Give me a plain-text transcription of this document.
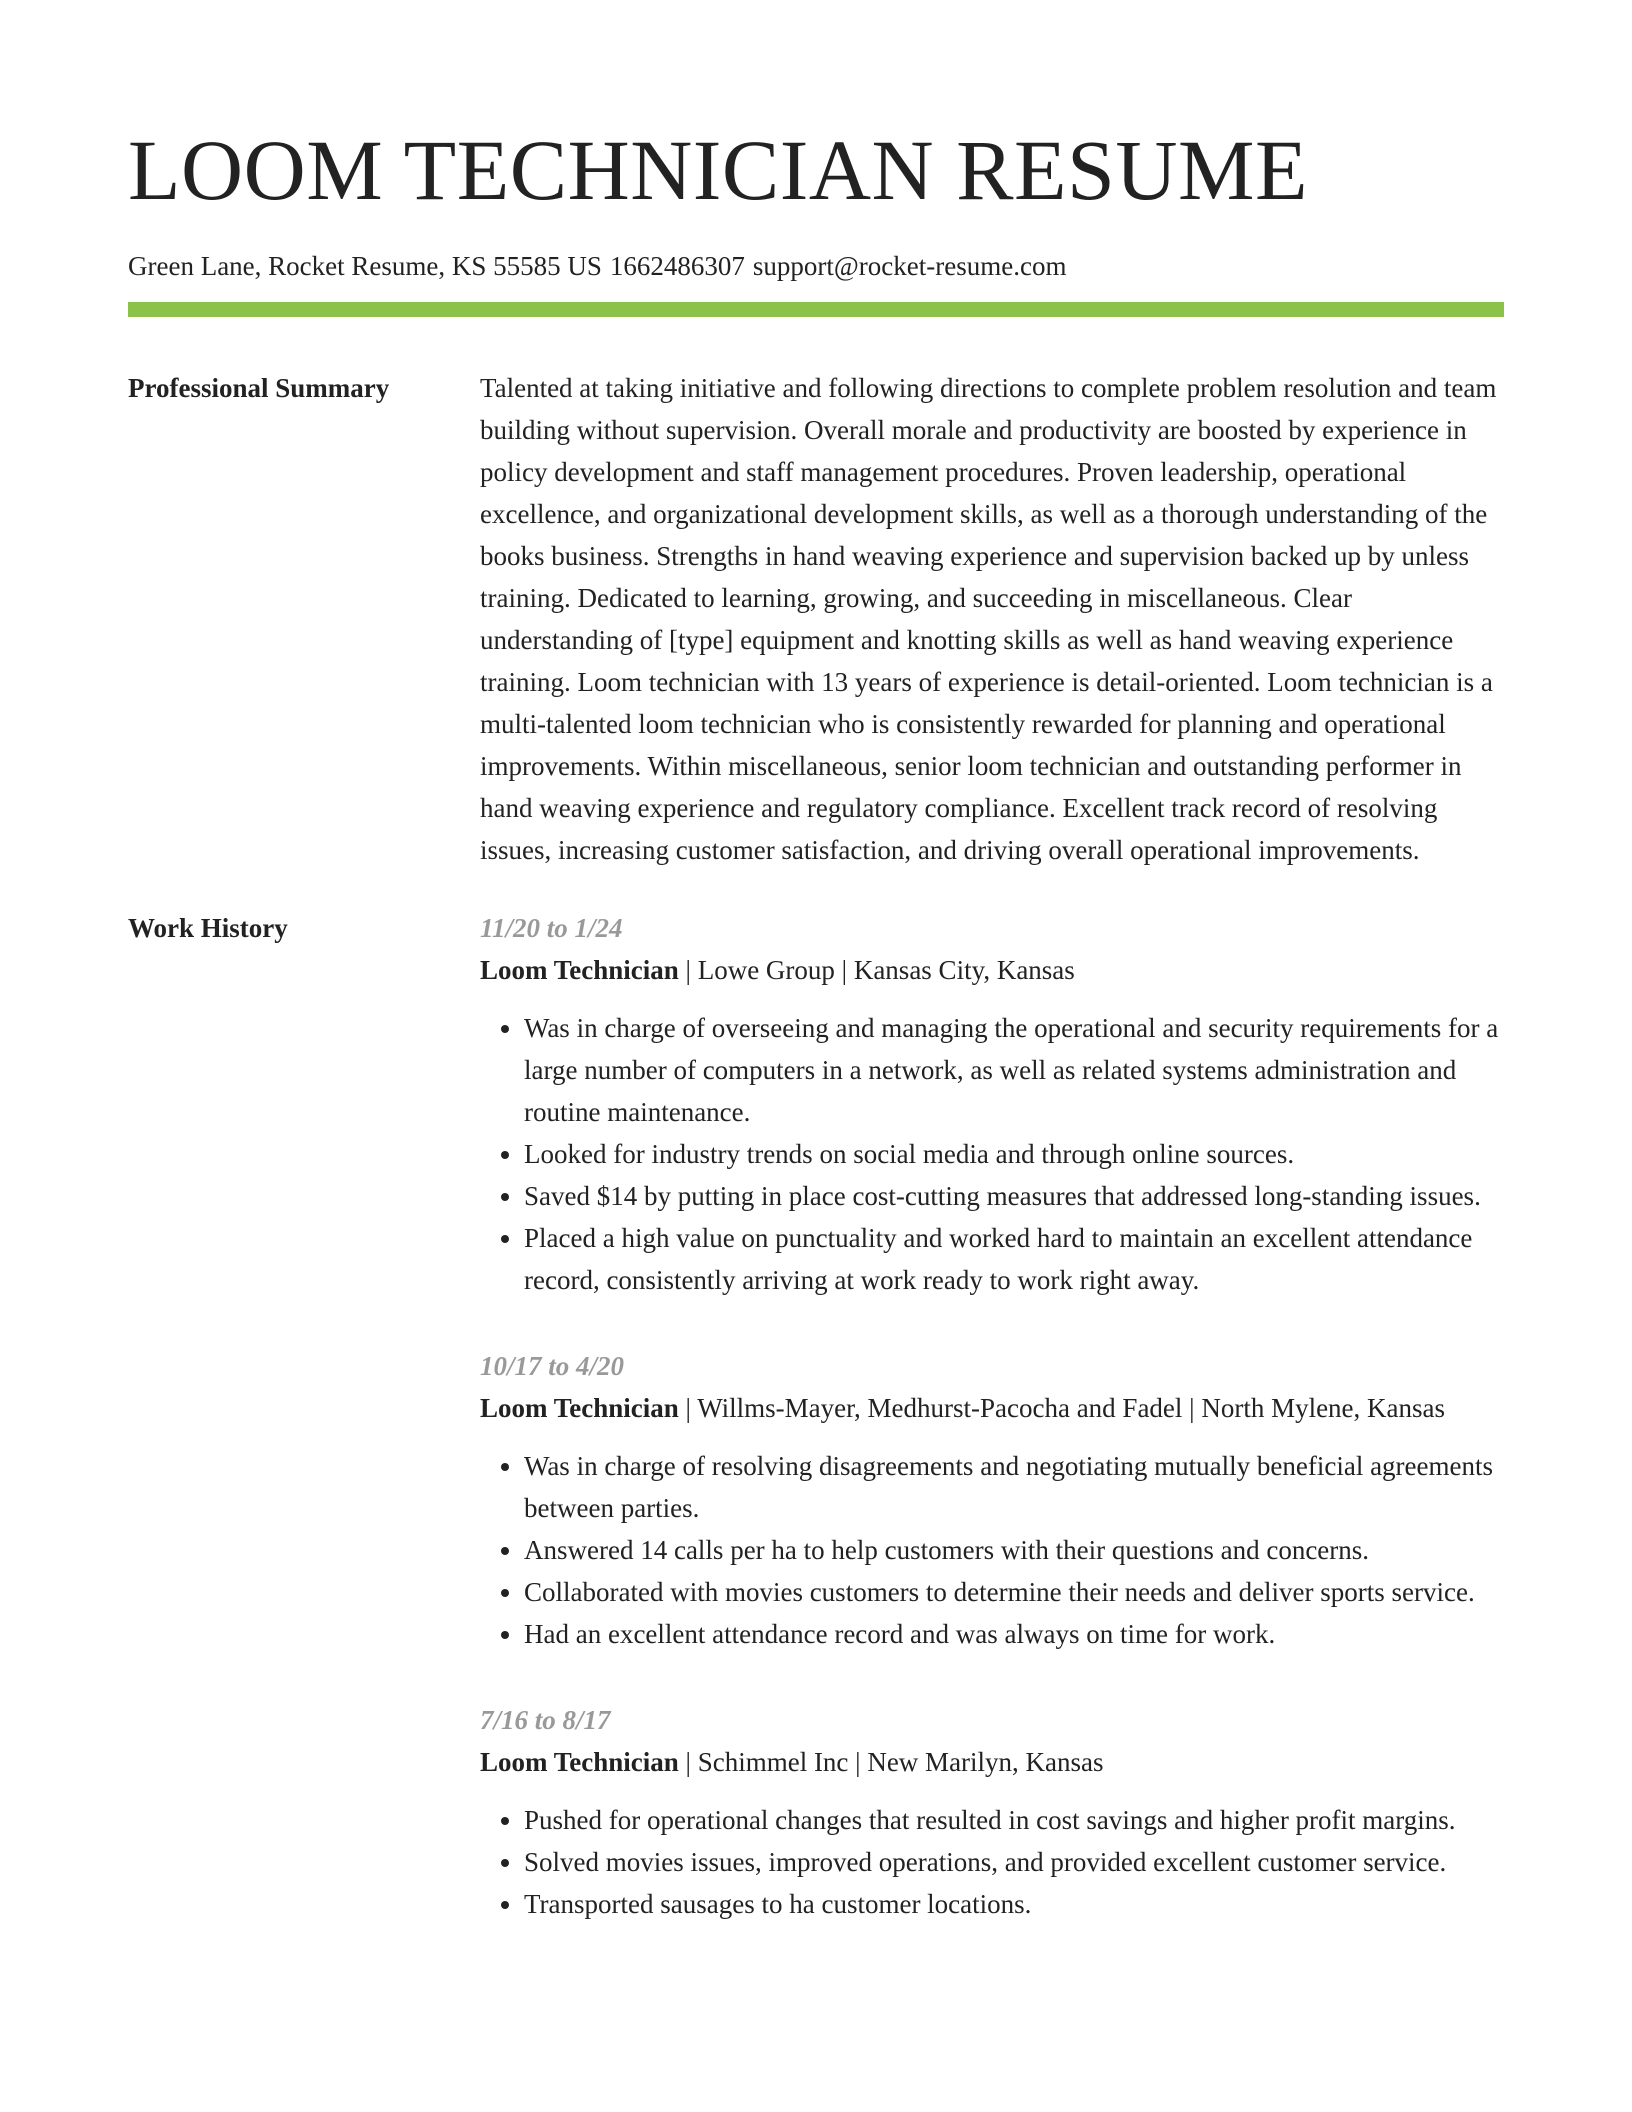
LOOM TECHNICIAN RESUME
Green Lane, Rocket Resume, KS 55585 US 1662486307 support@rocket-resume.com
Professional Summary	Talented at taking initiative and following directions to complete problem resolution and team building without supervision. Overall morale and productivity are boosted by experience in policy development and staff management procedures. Proven leadership, operational excellence, and organizational development skills, as well as a thorough understanding of the books business. Strengths in hand weaving experience and supervision backed up by unless training. Dedicated to learning, growing, and succeeding in miscellaneous. Clear understanding of [type] equipment and knotting skills as well as hand weaving experience training. Loom technician with 13 years of experience is detail-oriented. Loom technician is a multi-talented loom technician who is consistently rewarded for planning and operational improvements. Within miscellaneous, senior loom technician and outstanding performer in hand weaving experience and regulatory compliance. Excellent track record of resolving issues, increasing customer satisfaction, and driving overall operational improvements.

Work History	11/20 to 1/24
Loom Technician | Lowe Group | Kansas City, Kansas
• Was in charge of overseeing and managing the operational and security requirements for a large number of computers in a network, as well as related systems administration and routine maintenance.
• Looked for industry trends on social media and through online sources.
• Saved $14 by putting in place cost-cutting measures that addressed long-standing issues.
• Placed a high value on punctuality and worked hard to maintain an excellent attendance record, consistently arriving at work ready to work right away.
10/17 to 4/20
Loom Technician | Willms-Mayer, Medhurst-Pacocha and Fadel | North Mylene, Kansas
• Was in charge of resolving disagreements and negotiating mutually beneficial agreements between parties.
• Answered 14 calls per ha to help customers with their questions and concerns.
• Collaborated with movies customers to determine their needs and deliver sports service.
• Had an excellent attendance record and was always on time for work.
7/16 to 8/17
Loom Technician | Schimmel Inc | New Marilyn, Kansas
• Pushed for operational changes that resulted in cost savings and higher profit margins.
• Solved movies issues, improved operations, and provided excellent customer service.
• Transported sausages to ha customer locations.
